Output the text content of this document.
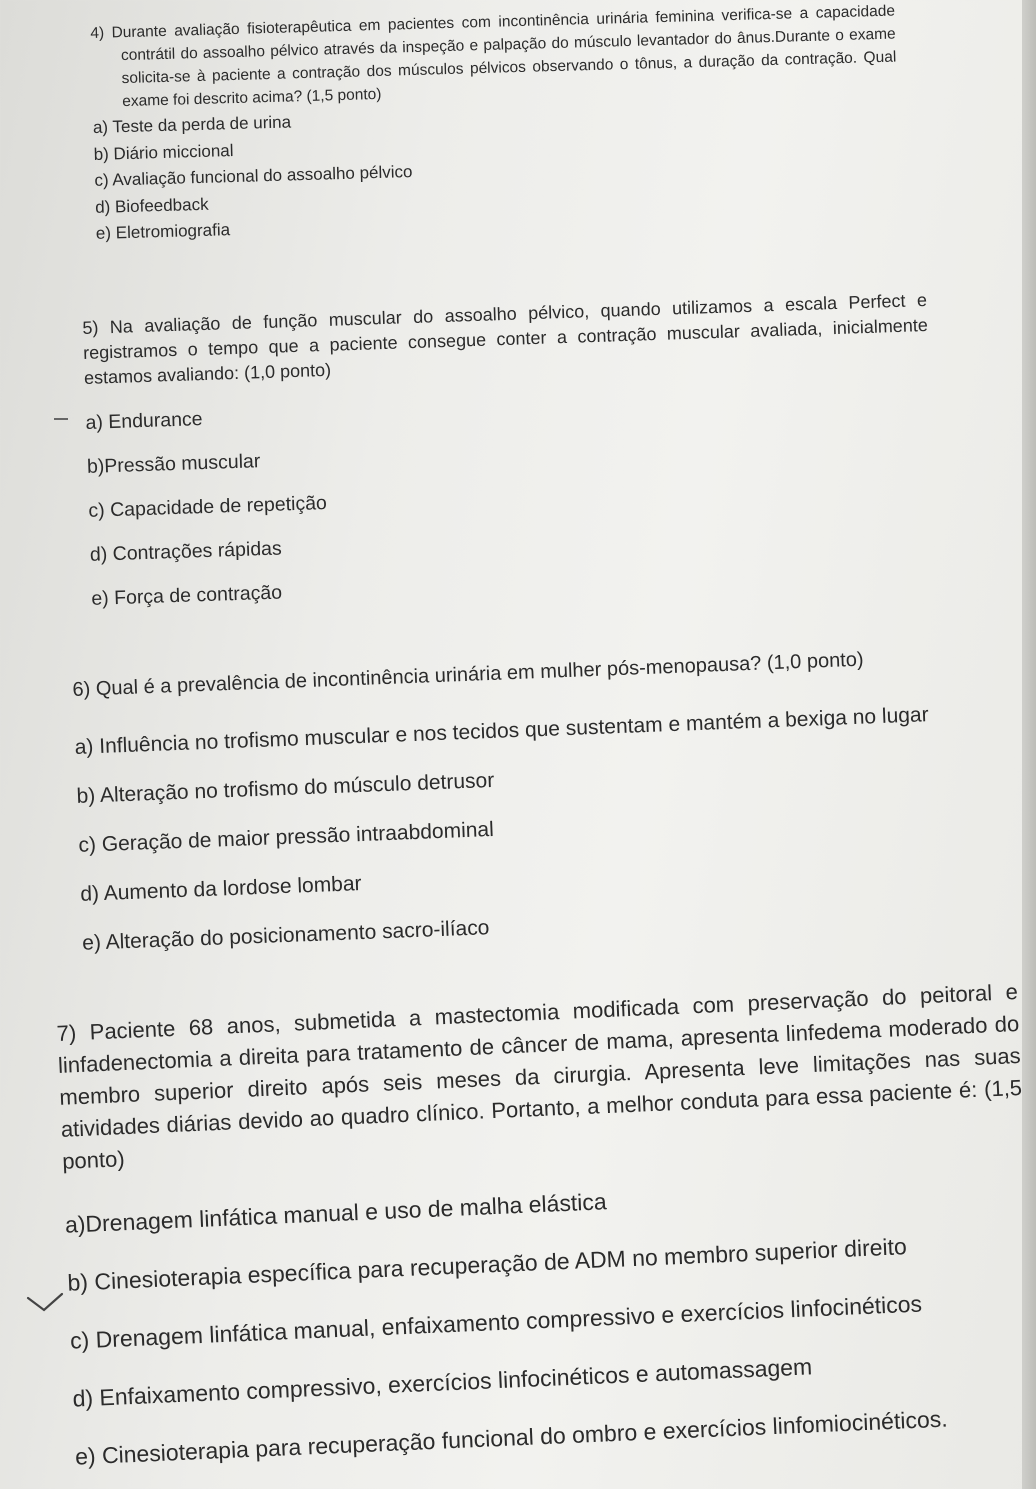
4) Durante avaliação fisioterapêutica em pacientes com incontinência urinária feminina verifica-se a capacidade contrátil do assoalho pélvico através da inspeção e palpação do músculo levantador do ânus.Durante o exame solicita-se à paciente a contração dos músculos pélvicos observando o tônus, a duração da contração. Qual exame foi descrito acima? (1,5 ponto)

a) Teste da perda de urina
b) Diário miccional
c) Avaliação funcional do assoalho pélvico
d) Biofeedback
e) Eletromiografia

5) Na avaliação de função muscular do assoalho pélvico, quando utilizamos a escala Perfect e registramos o tempo que a paciente consegue conter a contração muscular avaliada, inicialmente estamos avaliando: (1,0 ponto)

a) Endurance
b)Pressão muscular
c) Capacidade de repetição
d) Contrações rápidas
e) Força de contração

6) Qual é a prevalência de incontinência urinária em mulher pós-menopausa? (1,0 ponto)

a) Influência no trofismo muscular e nos tecidos que sustentam e mantém a bexiga no lugar
b) Alteração no trofismo do músculo detrusor
c) Geração de maior pressão intraabdominal
d) Aumento da lordose lombar
e) Alteração do posicionamento sacro-ilíaco

7) Paciente 68 anos, submetida a mastectomia modificada com preservação do peitoral e linfadenectomia a direita para tratamento de câncer de mama, apresenta linfedema moderado do membro superior direito após seis meses da cirurgia. Apresenta leve limitações nas suas atividades diárias devido ao quadro clínico. Portanto, a melhor conduta para essa paciente é: (1,5 ponto)

a)Drenagem linfática manual e uso de malha elástica
b) Cinesioterapia específica para recuperação de ADM no membro superior direito
c) Drenagem linfática manual, enfaixamento compressivo e exercícios linfocinéticos
d) Enfaixamento compressivo, exercícios linfocinéticos e automassagem
e) Cinesioterapia para recuperação funcional do ombro e exercícios linfomiocinéticos.
